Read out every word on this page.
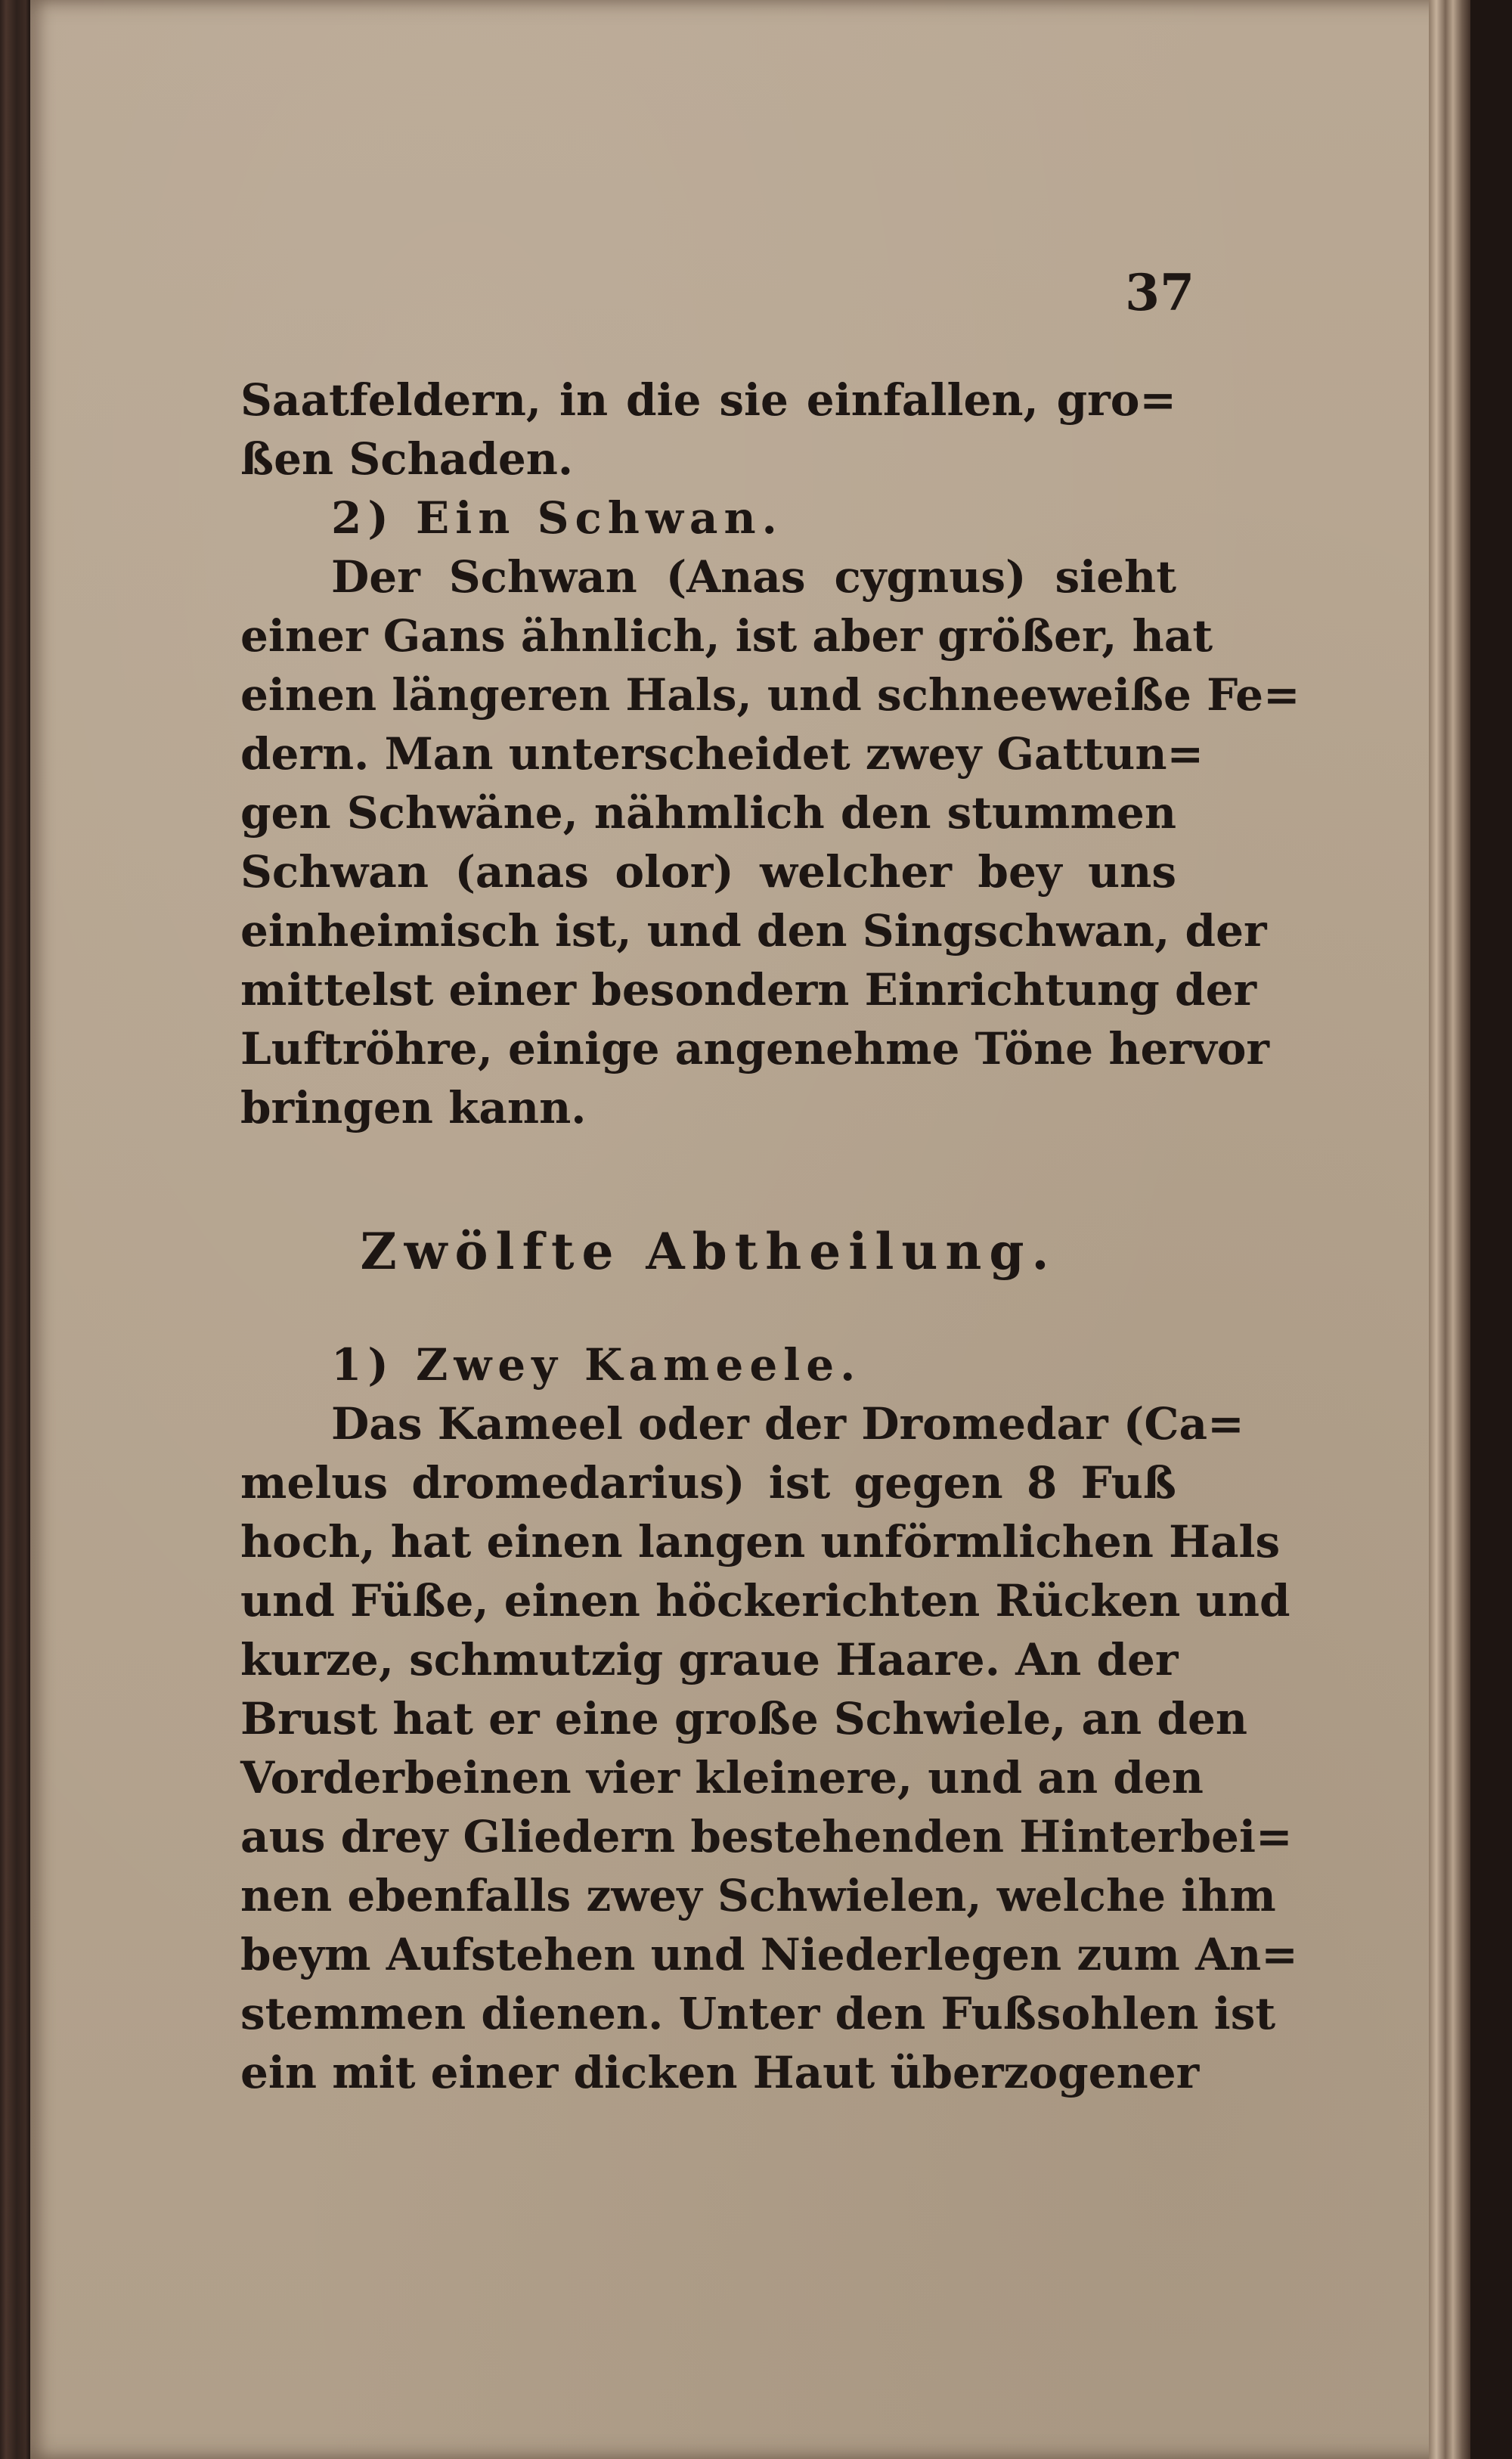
37
Saatfeldern, in die sie einfallen, gro=
ßen Schaden.
2) Ein Schwan.
Der Schwan (Anas cygnus) sieht
einer Gans ähnlich, ist aber größer, hat
einen längeren Hals, und schneeweiße Fe=
dern. Man unterscheidet zwey Gattun=
gen Schwäne, nähmlich den stummen
Schwan (anas olor) welcher bey uns
einheimisch ist, und den Singschwan, der
mittelst einer besondern Einrichtung der
Luftröhre, einige angenehme Töne hervor
bringen kann.
Zwölfte Abtheilung.
1) Zwey Kameele.
Das Kameel oder der Dromedar (Ca=
melus dromedarius) ist gegen 8 Fuß
hoch, hat einen langen unförmlichen Hals
und Füße, einen höckerichten Rücken und
kurze, schmutzig graue Haare. An der
Brust hat er eine große Schwiele, an den
Vorderbeinen vier kleinere, und an den
aus drey Gliedern bestehenden Hinterbei=
nen ebenfalls zwey Schwielen, welche ihm
beym Aufstehen und Niederlegen zum An=
stemmen dienen. Unter den Fußsohlen ist
ein mit einer dicken Haut überzogener
